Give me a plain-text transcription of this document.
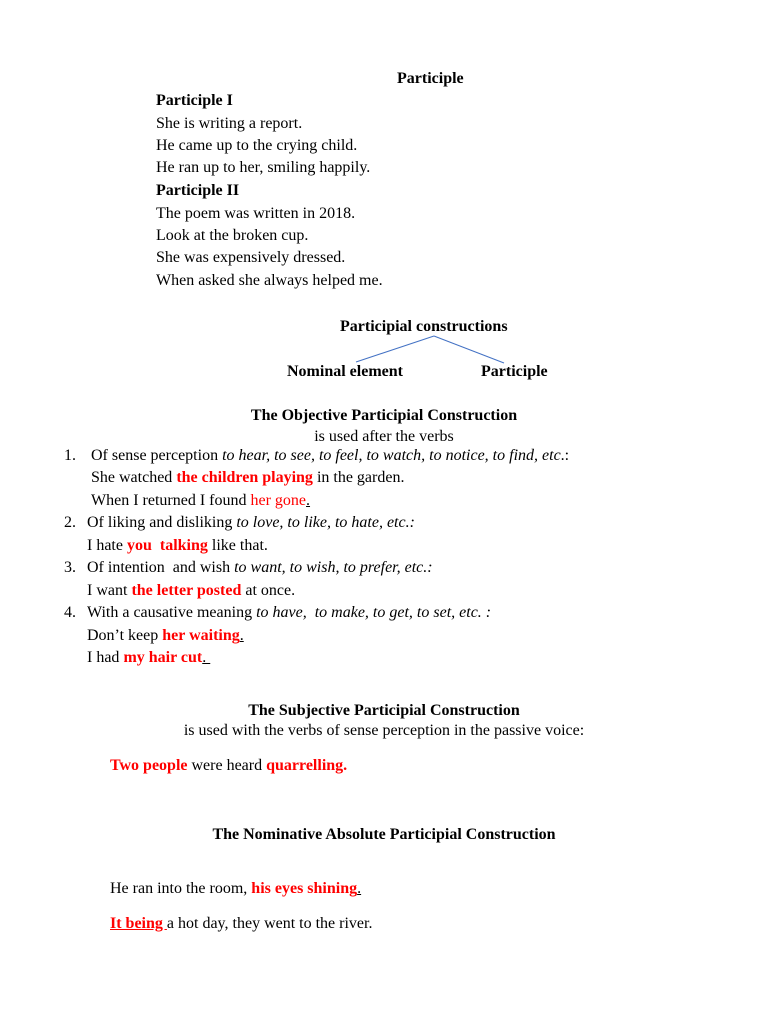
Participle
Participle I
She is writing a report.
He came up to the crying child.
He ran up to her, smiling happily.
Participle II
The poem was written in 2018.
Look at the broken cup.
She was expensively dressed.
When asked she always helped me.
Participial constructions
Nominal element	Participle
The Objective Participial Construction
is used after the verbs
1. Of sense perception to hear, to see, to feel, to watch, to notice, to find, etc.:
She watched the children playing in the garden.
When I returned I found her gone.
2. Of liking and disliking to love, to like, to hate, etc.:
I hate you  talking like that.
3. Of intention  and wish to want, to wish, to prefer, etc.:
I want the letter posted at once.
4. With a causative meaning to have,  to make, to get, to set, etc. :
Don’t keep her waiting.
I had my hair cut.
The Subjective Participial Construction
is used with the verbs of sense perception in the passive voice:
Two people were heard quarrelling.
The Nominative Absolute Participial Construction
He ran into the room, his eyes shining.
It being a hot day, they went to the river.
